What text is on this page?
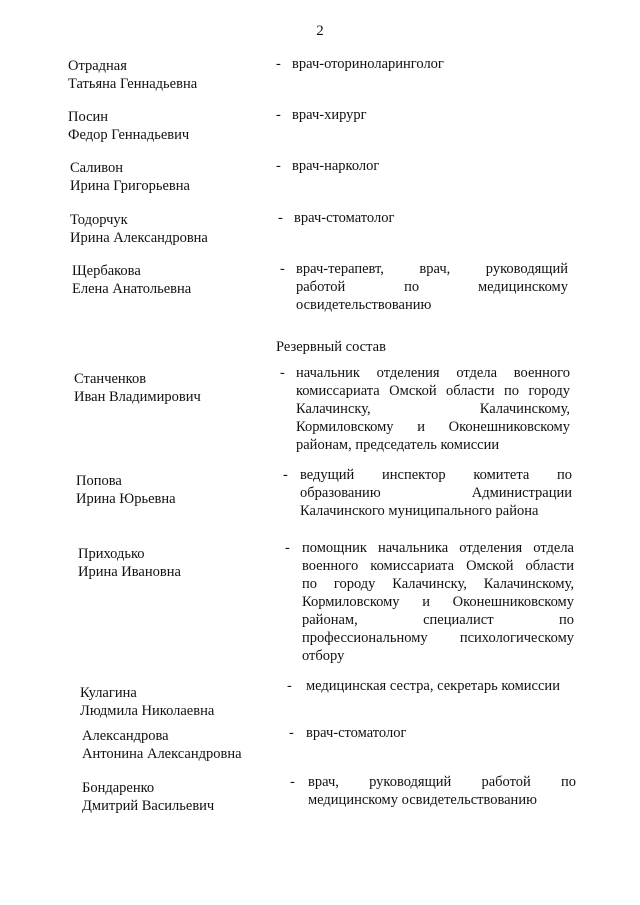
2
Отрадная
Татьяна Геннадьевна
- врач-оториноларинголог
Посин
Федор Геннадьевич
- врач-хирург
Саливон
Ирина Григорьевна
- врач-нарколог
Тодорчук
Ирина Александровна
- врач-стоматолог
Щербакова
Елена Анатольевна
- врач-терапевт, врач, руководящий
работой по медицинскому
освидетельствованию
Резервный состав
Станченков
Иван Владимирович
- начальник отделения отдела военного
комиссариата Омской области по городу
Калачинску, Калачинскому,
Кормиловскому и Оконешниковскому
районам, председатель комиссии
Попова
Ирина Юрьевна
- ведущий инспектор комитета по
образованию Администрации
Калачинского муниципального района
Приходько
Ирина Ивановна
- помощник начальника отделения отдела
военного комиссариата Омской области
по городу Калачинску, Калачинскому,
Кормиловскому и Оконешниковскому
районам, специалист по
профессиональному психологическому
отбору
Кулагина
Людмила Николаевна
- медицинская сестра, секретарь комиссии
Александрова
Антонина Александровна
- врач-стоматолог
Бондаренко
Дмитрий Васильевич
- врач, руководящий работой по
медицинскому освидетельствованию
